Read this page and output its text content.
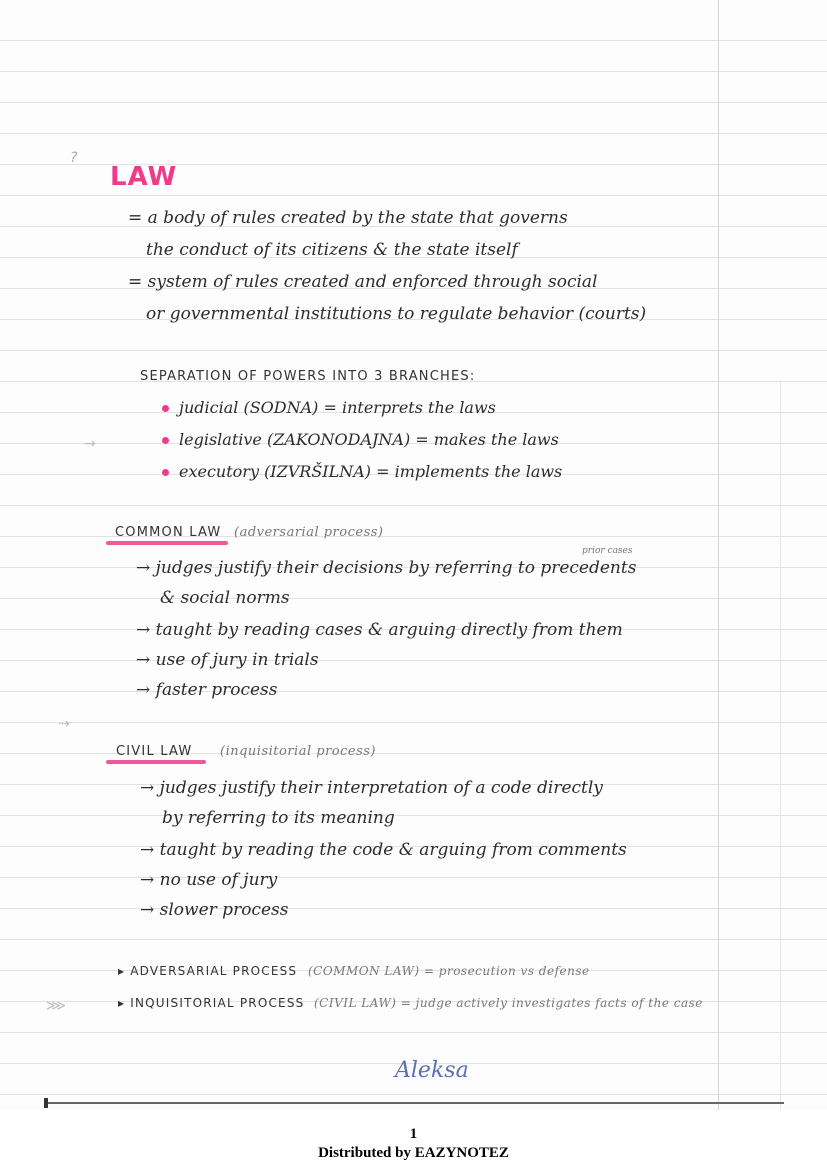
?
LAW
= a body of rules created by the state that governs
the conduct of its citizens & the state itself
= system of rules created and enforced through social
or governmental institutions to regulate behavior (courts)
SEPARATION OF POWERS INTO 3 BRANCHES:
judicial (SODNA) = interprets the laws
→	legislative (ZAKONODAJNA) = makes the laws
executory (IZVRŠILNA) = implements the laws
COMMON LAW (adversarial process)
prior cases
→ judges justify their decisions by referring to precedents
& social norms
→ taught by reading cases & arguing directly from them
→ use of jury in trials
→ faster process
⇢
CIVIL LAW (inquisitorial process)
→ judges justify their interpretation of a code directly
by referring to its meaning
→ taught by reading the code & arguing from comments
→ no use of jury
→ slower process
▸ ADVERSARIAL PROCESS (COMMON LAW) = prosecution vs defense
⋙	▸ INQUISITORIAL PROCESS (CIVIL LAW) = judge actively investigates facts of the case
Aleksa
1
Distributed by EAZYNOTEZ
